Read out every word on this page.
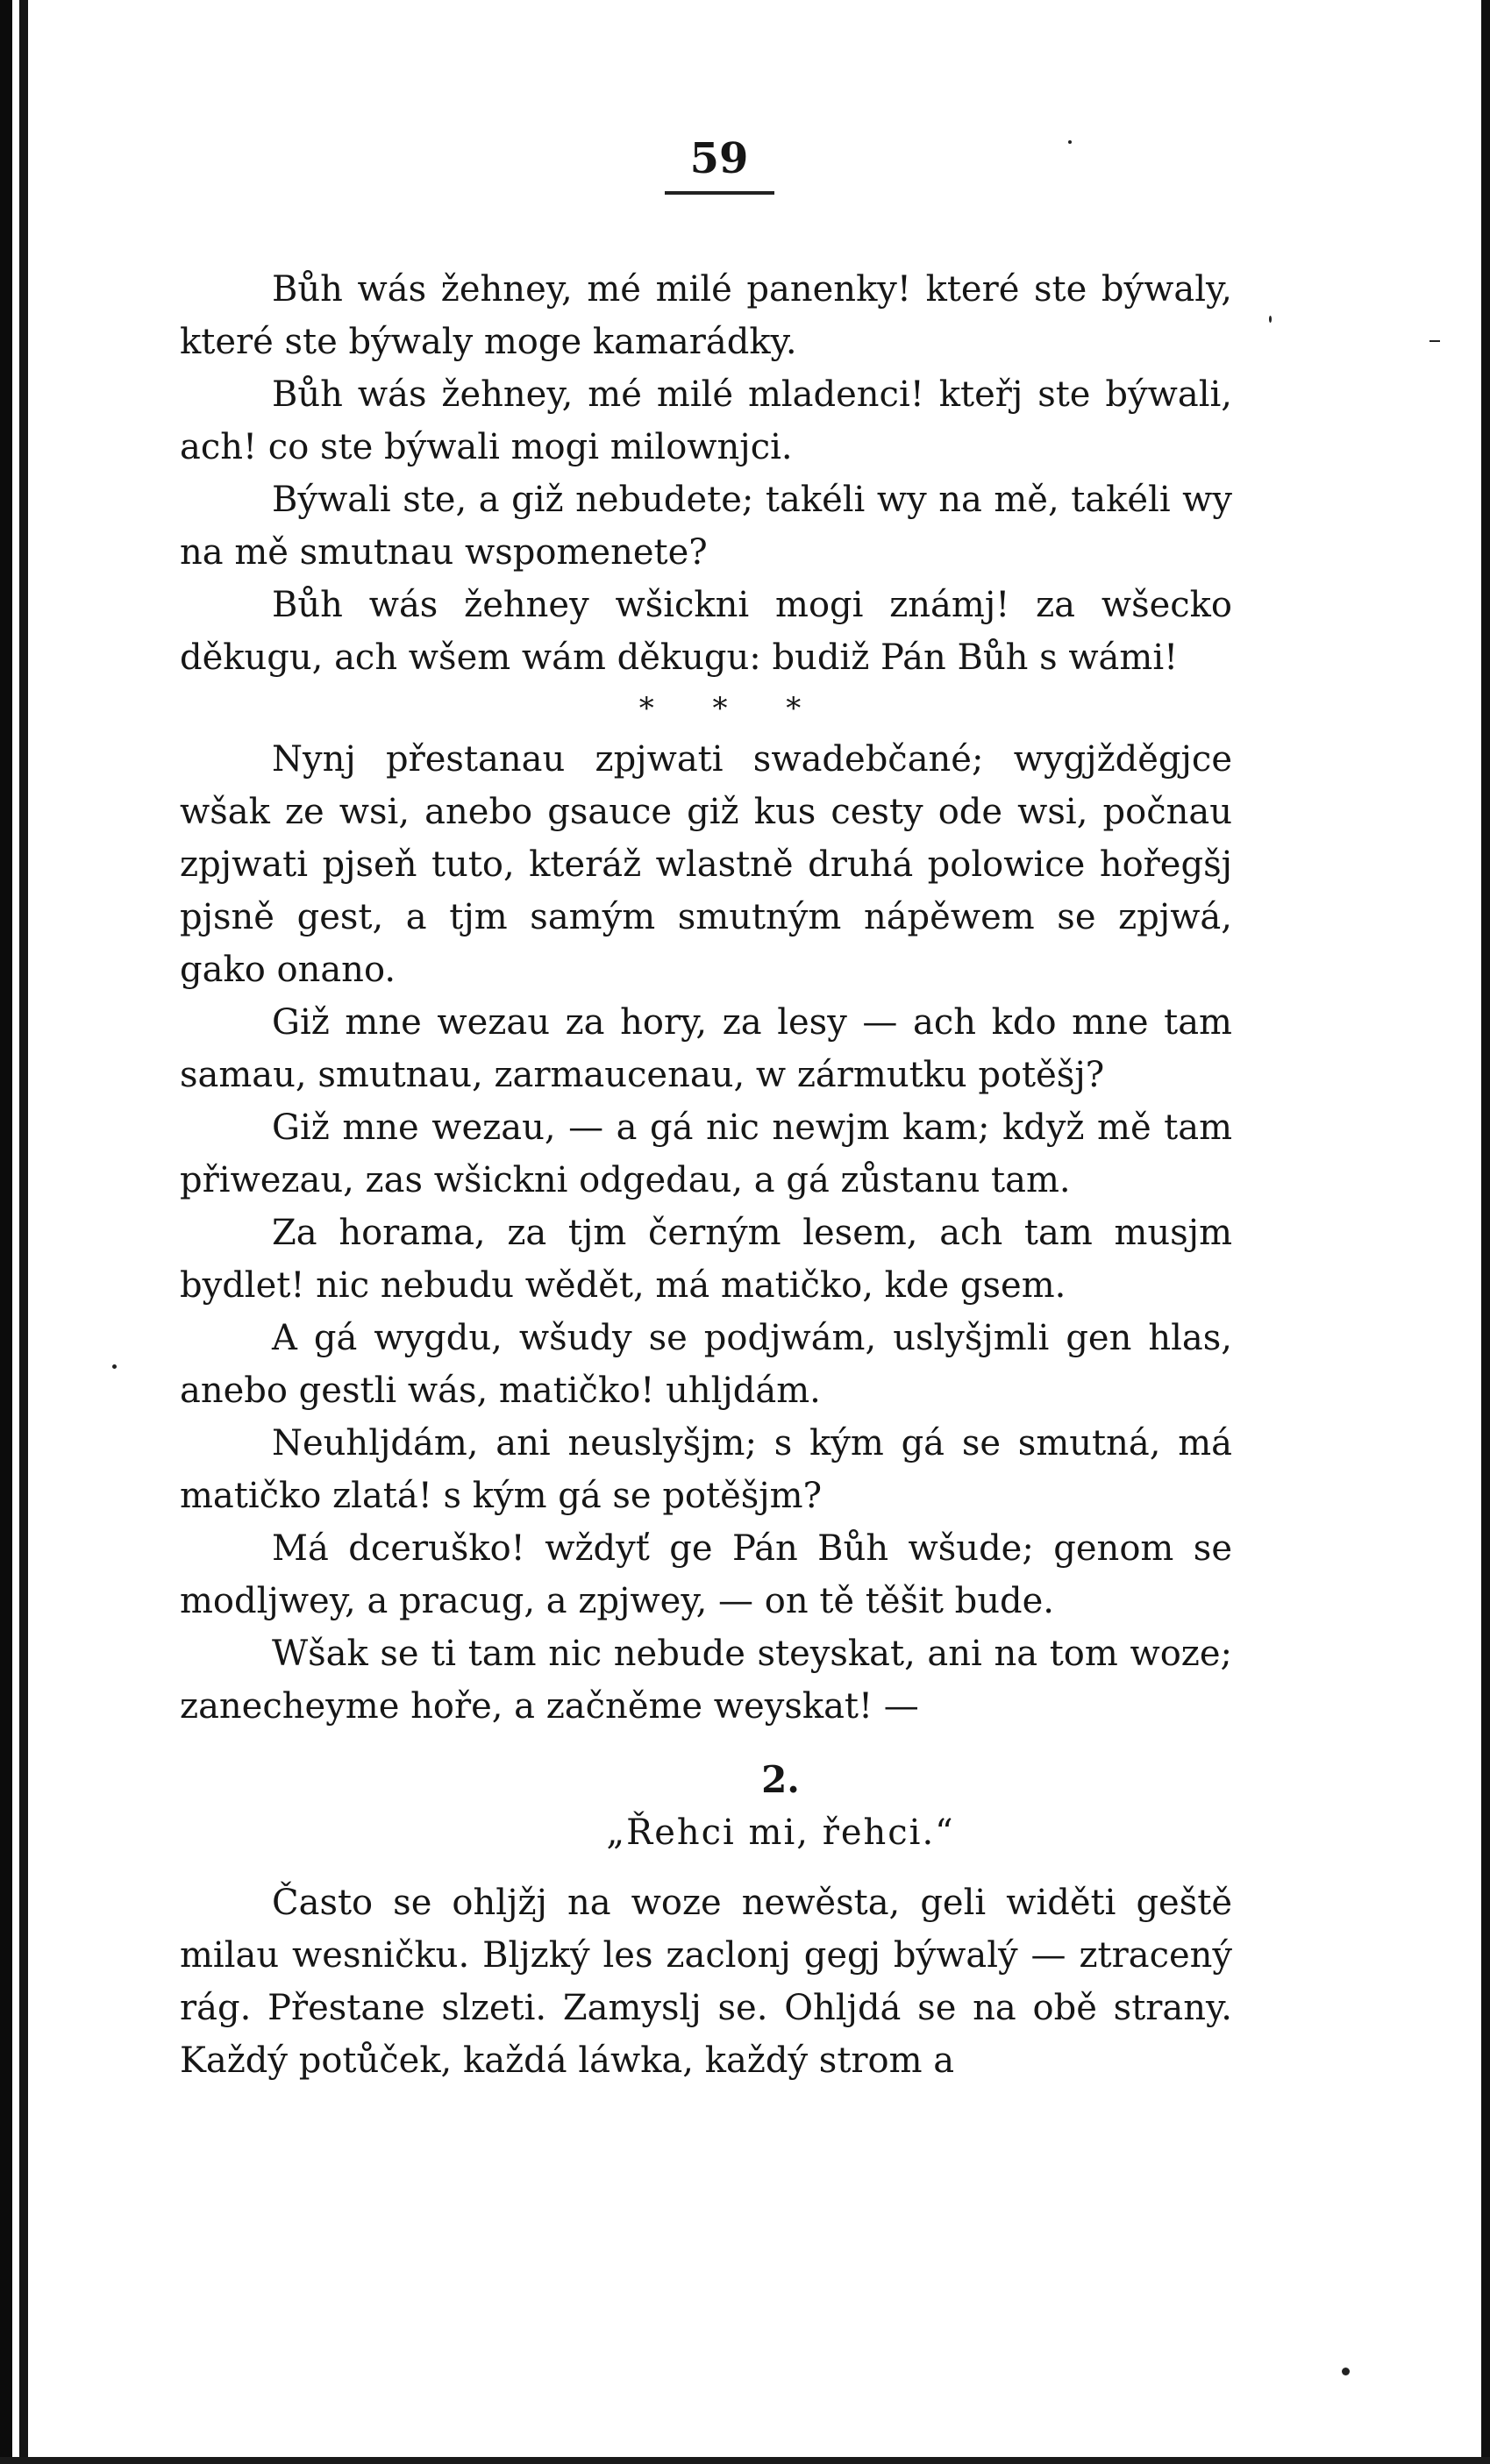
59

Bůh wás žehney, mé milé panenky! které ste býwaly, které ste býwaly moge kamarádky.

Bůh wás žehney, mé milé mladenci! kteřj ste býwali, ach! co ste býwali mogi milownjci.

Býwali ste, a giž nebudete; takéli wy na mě, takéli wy na mě smutnau wspomenete?

Bůh wás žehney wšickni mogi známj! za wšecko děkugu, ach wšem wám děkugu: budiž Pán Bůh s wámi!

* * *

Nynj přestanau zpjwati swadebčané; wygjžděgjce wšak ze wsi, anebo gsauce giž kus cesty ode wsi, počnau zpjwati pjseň tuto, kteráž wlastně druhá polowice hořegšj pjsně gest, a tjm samým smutným nápěwem se zpjwá, gako onano.

Giž mne wezau za hory, za lesy — ach kdo mne tam samau, smutnau, zarmaucenau, w zármutku potěšj?

Giž mne wezau, — a gá nic newjm kam; když mě tam přiwezau, zas wšickni odgedau, a gá zůstanu tam.

Za horama, za tjm černým lesem, ach tam musjm bydlet! nic nebudu wědět, má matičko, kde gsem.

A gá wygdu, wšudy se podjwám, uslyšjmli gen hlas, anebo gestli wás, matičko! uhljdám.

Neuhljdám, ani neuslyšjm; s kým gá se smutná, má matičko zlatá! s kým gá se potěšjm?

Má dceruško! wždyť ge Pán Bůh wšude; genom se modljwey, a pracug, a zpjwey, — on tě těšit bude.

Wšak se ti tam nic nebude steyskat, ani na tom woze; zanecheyme hoře, a začněme weyskat! —

2.
„Řehci mi, řehci.“

Často se ohljžj na woze newěsta, geli widěti geště milau wesničku. Bljzký les zaclonj gegj býwalý — ztracený rág. Přestane slzeti. Zamyslj se. Ohljdá se na obě strany. Každý potůček, každá láwka, každý strom a
